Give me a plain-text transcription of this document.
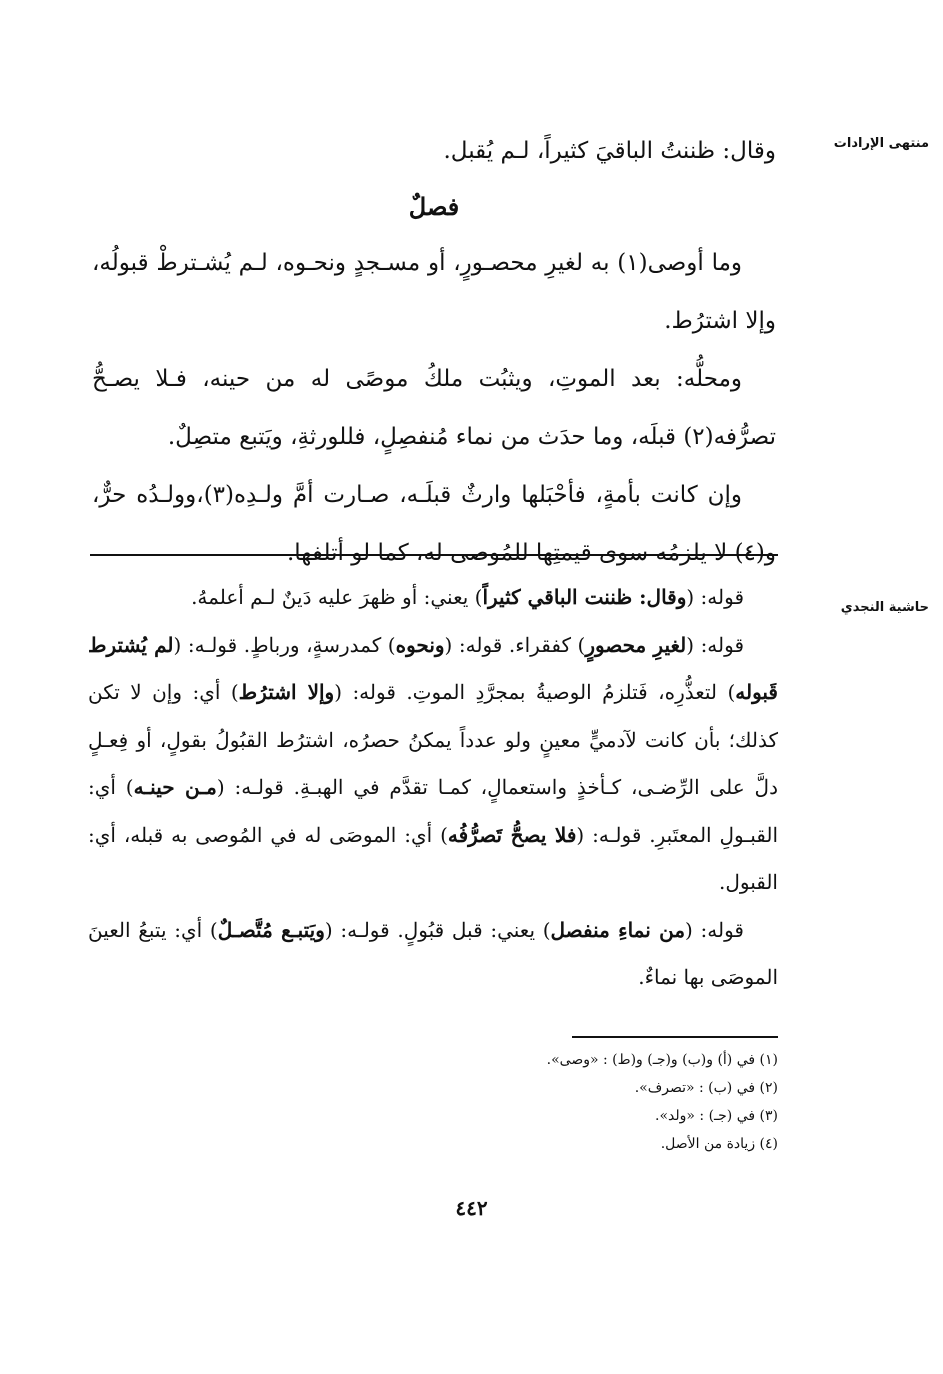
منتهى الإرادات
حاشية النجدي

وقال: ظننتُ الباقيَ كثيراً، لـم يُقبل.

فصلٌ

وما أوصى(١) به لغيرِ محصـورٍ، أو مسـجدٍ ونحـوه، لـم يُشـترطْ قبولُه، وإلا اشترُط.

ومحلُّه: بعد الموتِ، ويثبُت ملكُ موصًى له من حينه، فـلا يصـحُّ تصرُّفه(٢) قبلَه، وما حدَث من نماء مُنفصِلٍ، فللورثةِ، ويَتبع متصِلٌ.

وإن كانت بأمةٍ، فأحْبَلها وارثٌ قبلَـه، صـارت أمَّ ولـدِه(٣)،وولـدُه حرٌّ، و(٤) لا يلزمُه سوى قيمتِها للمُوصى له، كما لو أتلفها.

قوله: (وقال: ظننت الباقي كثيراً) يعني: أو ظهرَ عليه دَينٌ لـم أعلمهُ.

قوله: (لغيرِ محصورٍ) كفقراء. قوله: (ونحوه) كمدرسةٍ، ورباطٍ. قولـه: (لم يُشترط قَبوله) لتعذُّرِه، فَتلزمُ الوصيةُ بمجرَّدِ الموتِ. قوله: (وإلا اشترُط) أي: وإن لا تكن كذلك؛ بأن كانت لآدميٍّ معينٍ ولو عدداً يمكنُ حصرُه، اشترُط القبُولُ بقولٍ، أو فِعـلٍ دلَّ على الرِّضـى، كـأخذٍ واستعمالٍ، كمـا تقدَّم في الهبـةِ. قولـه: (مـن حينـه) أي: القبـولِ المعتَبرِ. قولـه: (فلا يصحُّ تَصرُّفُه) أي: الموصَى له في المُوصى به قبله، أي: القبول.

قوله: (من نماءِ منفصل) يعني: قبل قبُولٍ. قولـه: (ويَتبـع مُتَّصـلٌ) أي: يتبعُ العينَ الموصَى بها نماءٌ.

(١) في (أ) و(ب) و(جـ) و(ط) : «وصى».
(٢) في (ب) : «تصرف».
(٣) في (جـ) : «ولد».
(٤) زيادة من الأصل.
٤٤٢
